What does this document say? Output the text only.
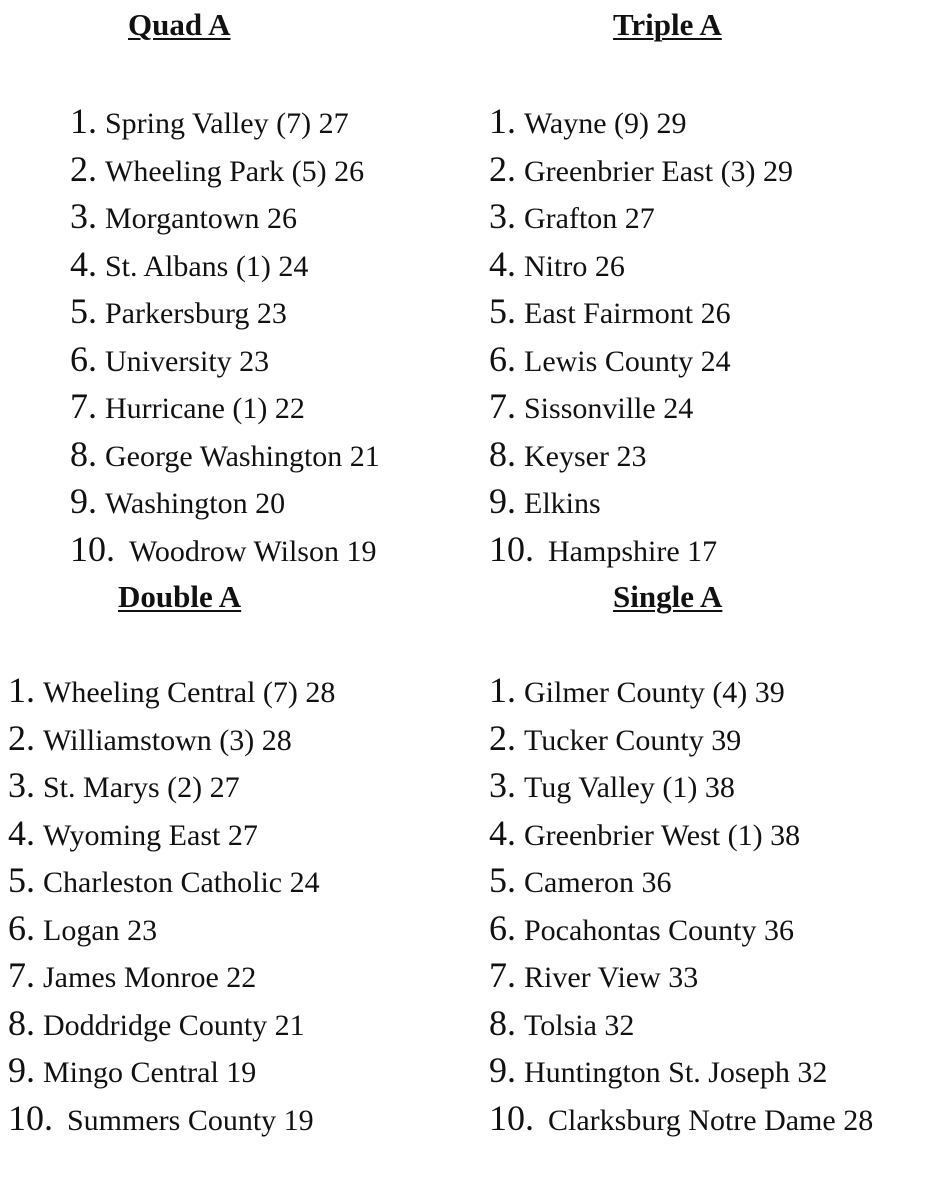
Quad A
1. Spring Valley (7) 27
2. Wheeling Park (5) 26
3. Morgantown 26
4. St. Albans (1) 24
5. Parkersburg 23
6. University 23
7. Hurricane (1) 22
8. George Washington 21
9. Washington 20
10. Woodrow Wilson 19
Triple A
1. Wayne (9) 29
2. Greenbrier East (3) 29
3. Grafton 27
4. Nitro 26
5. East Fairmont 26
6. Lewis County 24
7. Sissonville 24
8. Keyser 23
9. Elkins
10. Hampshire 17
Double A
1. Wheeling Central (7) 28
2. Williamstown (3) 28
3. St. Marys (2) 27
4. Wyoming East 27
5. Charleston Catholic 24
6. Logan 23
7. James Monroe 22
8. Doddridge County 21
9. Mingo Central 19
10. Summers County 19
Single A
1. Gilmer County (4) 39
2. Tucker County 39
3. Tug Valley (1) 38
4. Greenbrier West (1) 38
5. Cameron 36
6. Pocahontas County 36
7. River View 33
8. Tolsia 32
9. Huntington St. Joseph 32
10. Clarksburg Notre Dame 28
